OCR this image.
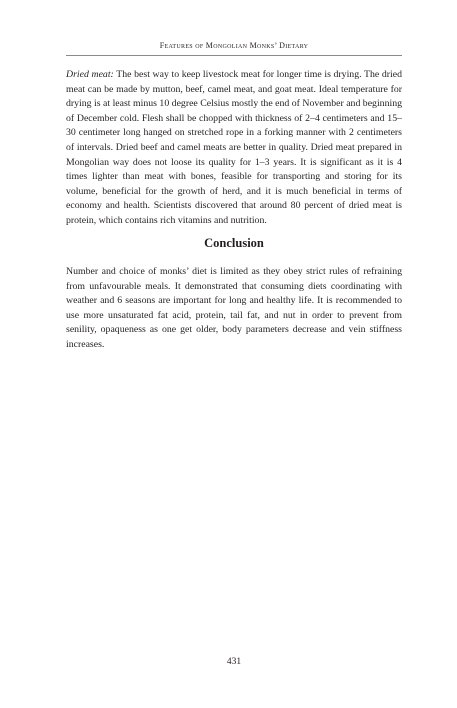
Features of Mongolian Monks’ Dietary

Dried meat: The best way to keep livestock meat for longer time is drying. The dried meat can be made by mutton, beef, camel meat, and goat meat. Ideal temperature for drying is at least minus 10 degree Celsius mostly the end of November and beginning of December cold. Flesh shall be chopped with thickness of 2–4 centimeters and 15–30 centimeter long hanged on stretched rope in a forking manner with 2 centimeters of intervals. Dried beef and camel meats are better in quality. Dried meat prepared in Mongolian way does not loose its quality for 1–3 years. It is significant as it is 4 times lighter than meat with bones, feasible for transporting and storing for its volume, beneficial for the growth of herd, and it is much beneficial in terms of economy and health. Scientists discovered that around 80 percent of dried meat is protein, which contains rich vitamins and nutrition.

Conclusion

Number and choice of monks’ diet is limited as they obey strict rules of refraining from unfavourable meals. It demonstrated that consuming diets coordinating with weather and 6 seasons are important for long and healthy life. It is recommended to use more unsaturated fat acid, protein, tail fat, and nut in order to prevent from senility, opaqueness as one get older, body parameters decrease and vein stiffness increases.

431
